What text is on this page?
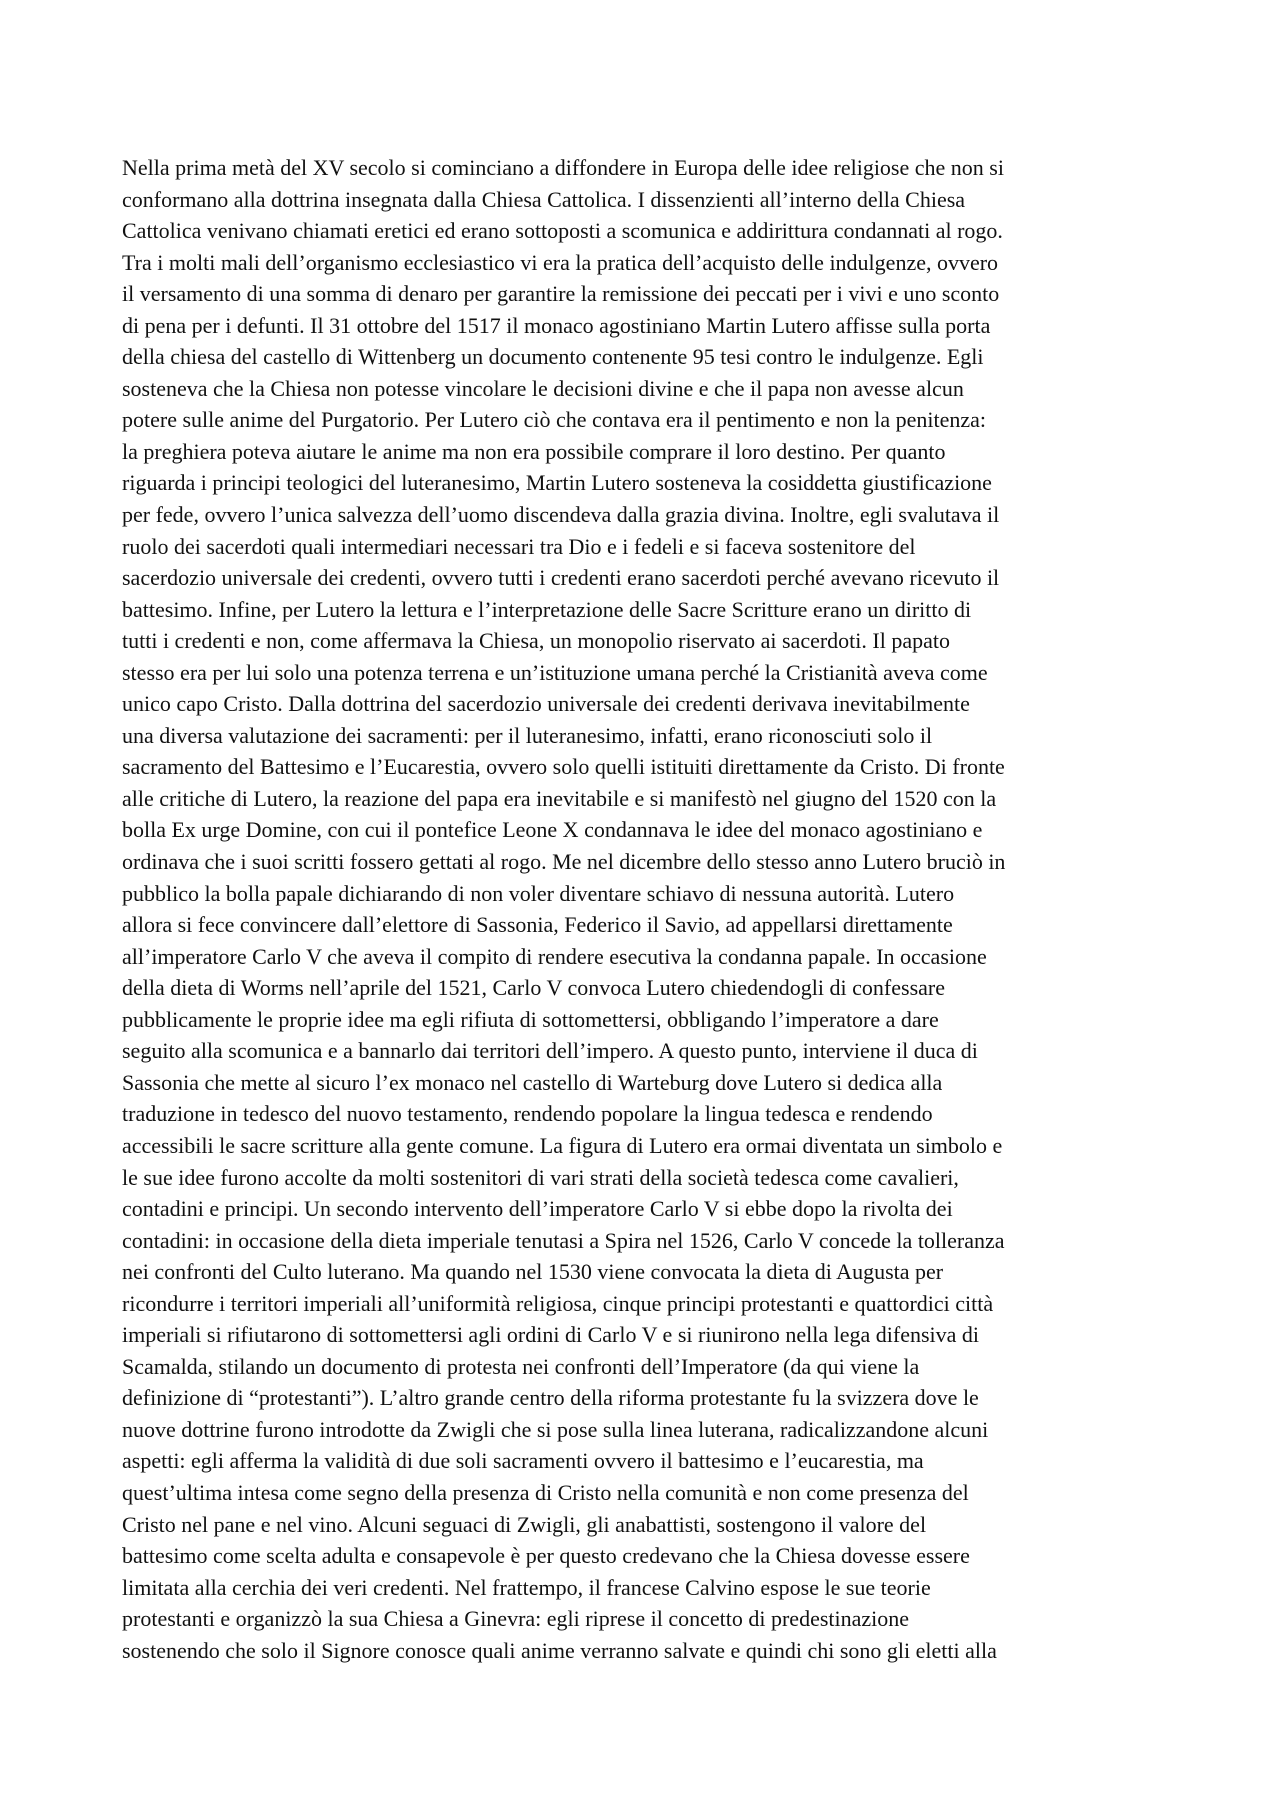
Nella prima metà del XV secolo si cominciano a diffondere in Europa delle idee religiose che non si
conformano alla dottrina insegnata dalla Chiesa Cattolica. I dissenzienti all’interno della Chiesa
Cattolica venivano chiamati eretici ed erano sottoposti a scomunica e addirittura condannati al rogo.
Tra i molti mali dell’organismo ecclesiastico vi era la pratica dell’acquisto delle indulgenze, ovvero
il versamento di una somma di denaro per garantire la remissione dei peccati per i vivi e uno sconto
di pena per i defunti. Il 31 ottobre del 1517 il monaco agostiniano Martin Lutero affisse sulla porta
della chiesa del castello di Wittenberg un documento contenente 95 tesi contro le indulgenze. Egli
sosteneva che la Chiesa non potesse vincolare le decisioni divine e che il papa non avesse alcun
potere sulle anime del Purgatorio. Per Lutero ciò che contava era il pentimento e non la penitenza:
la preghiera poteva aiutare le anime ma non era possibile comprare il loro destino. Per quanto
riguarda i principi teologici del luteranesimo, Martin Lutero sosteneva la cosiddetta giustificazione
per fede, ovvero l’unica salvezza dell’uomo discendeva dalla grazia divina. Inoltre, egli svalutava il
ruolo dei sacerdoti quali intermediari necessari tra Dio e i fedeli e si faceva sostenitore del
sacerdozio universale dei credenti, ovvero tutti i credenti erano sacerdoti perché avevano ricevuto il
battesimo. Infine, per Lutero la lettura e l’interpretazione delle Sacre Scritture erano un diritto di
tutti i credenti e non, come affermava la Chiesa, un monopolio riservato ai sacerdoti. Il papato
stesso era per lui solo una potenza terrena e un’istituzione umana perché la Cristianità aveva come
unico capo Cristo. Dalla dottrina del sacerdozio universale dei credenti derivava inevitabilmente
una diversa valutazione dei sacramenti: per il luteranesimo, infatti, erano riconosciuti solo il
sacramento del Battesimo e l’Eucarestia, ovvero solo quelli istituiti direttamente da Cristo. Di fronte
alle critiche di Lutero, la reazione del papa era inevitabile e si manifestò nel giugno del 1520 con la
bolla Ex urge Domine, con cui il pontefice Leone X condannava le idee del monaco agostiniano e
ordinava che i suoi scritti fossero gettati al rogo. Me nel dicembre dello stesso anno Lutero bruciò in
pubblico la bolla papale dichiarando di non voler diventare schiavo di nessuna autorità. Lutero
allora si fece convincere dall’elettore di Sassonia, Federico il Savio, ad appellarsi direttamente
all’imperatore Carlo V che aveva il compito di rendere esecutiva la condanna papale. In occasione
della dieta di Worms nell’aprile del 1521, Carlo V convoca Lutero chiedendogli di confessare
pubblicamente le proprie idee ma egli rifiuta di sottomettersi, obbligando l’imperatore a dare
seguito alla scomunica e a bannarlo dai territori dell’impero. A questo punto, interviene il duca di
Sassonia che mette al sicuro l’ex monaco nel castello di Warteburg dove Lutero si dedica alla
traduzione in tedesco del nuovo testamento, rendendo popolare la lingua tedesca e rendendo
accessibili le sacre scritture alla gente comune. La figura di Lutero era ormai diventata un simbolo e
le sue idee furono accolte da molti sostenitori di vari strati della società tedesca come cavalieri,
contadini e principi. Un secondo intervento dell’imperatore Carlo V si ebbe dopo la rivolta dei
contadini: in occasione della dieta imperiale tenutasi a Spira nel 1526, Carlo V concede la tolleranza
nei confronti del Culto luterano. Ma quando nel 1530 viene convocata la dieta di Augusta per
ricondurre i territori imperiali all’uniformità religiosa, cinque principi protestanti e quattordici città
imperiali si rifiutarono di sottomettersi agli ordini di Carlo V e si riunirono nella lega difensiva di
Scamalda, stilando un documento di protesta nei confronti dell’Imperatore (da qui viene la
definizione di “protestanti”). L’altro grande centro della riforma protestante fu la svizzera dove le
nuove dottrine furono introdotte da Zwigli che si pose sulla linea luterana, radicalizzandone alcuni
aspetti: egli afferma la validità di due soli sacramenti ovvero il battesimo e l’eucarestia, ma
quest’ultima intesa come segno della presenza di Cristo nella comunità e non come presenza del
Cristo nel pane e nel vino. Alcuni seguaci di Zwigli, gli anabattisti, sostengono il valore del
battesimo come scelta adulta e consapevole è per questo credevano che la Chiesa dovesse essere
limitata alla cerchia dei veri credenti. Nel frattempo, il francese Calvino espose le sue teorie
protestanti e organizzò la sua Chiesa a Ginevra: egli riprese il concetto di predestinazione
sostenendo che solo il Signore conosce quali anime verranno salvate e quindi chi sono gli eletti alla
